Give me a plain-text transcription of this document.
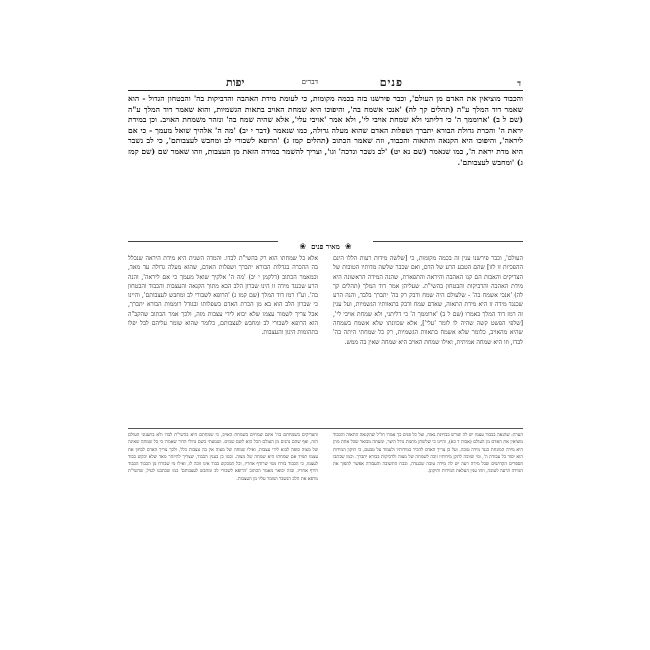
ד
פנים
דברים
יפות
והכבוד מוציאין את האדם מן העולם', וכבר פירשנו בזה בכמה מקומות, כי לעומת מידת האהבה והדביקות בה' והבטחון הגדול - הוא שאמר דוד המלך ע"ה (תהלים קך לה) 'אנכי אשמח בה', והיפוכו היא שמחת האויב בתאות הגשמיות, והוא שאמר דוד המלך ע"ה (שם ל ב) 'ארוממך ה' כי דליתני ולא שמחת אויבי לי', ולא אמר 'אויבי עלי', אלא שהיה שמח בה' ונזהר משמחת האויב. וכן במידת יראת ה' והכרת גדולת הבורא יתברך ושפלות האדם שהוא מעלה גדולה, כמו שנאמר (דבר י יב) 'מה ה' אלהיך שואל מעמך - כי אם ליראה', והיפוכו היא הקנאה והתאוה והכבוד, וזה שאמר הכתוב (תהלים קמז ג) 'הרופא לשבורי לב ומחבש לעצבותם', כי לב נשבר היא מדת יראת ה', כמו שנאמר (שם נא יט) 'לב נשבר ונדכה' וגו', וצריך להשמר במידה הזאת מן העצבות, וזהו שאמר שם (שם קמז ג) 'ומחבש לעצבותם'.
❀ מאיר פנים ❀
העולם', וכבר פירשנו ענין זה בכמה מקומות, כי [שלשה מידות רעות הללו הינם ההפכיות זו לזו] שהם הטבע הרע של הדם, ואם שכבר שלשה מדותיו הטובות של הצדיקים והאבות הם קנו האהבה והיראה והתפארת, שהנה המידה הראשונה היא מידת האהבה והדביקות והבטחון בהשי"ת. שעליהן אמר דוד המלך (תהלים קך לה) 'אנכי אשמח בה' - שלעולם היה שמח ודבק רק בה' יתברך בלבד, והנה הרע שכנגד מידה זו היא מידת התאוה, שאדם שמח ודבק בתאוותיו הגשמיות, ועל ענין זה רמז דוד המלך באמרו (שם ל ב) 'ארוממך ה' כי דליתני, ולא שמחת אויבי לי', [שלפי הפשט קשה שהיה לו לומר 'עלי'], אלא שכוונתו שלא אשמח בשמחה שהיא מהאויב, כלומר שלא אשמח בתאוות הגשמיות, רק כל שמחתי היתה בה' לבדו, וזו היא שמחה אמיתית, ואילו שמחת האויב היא שמחה שאין בה ממש.
אלא כל שמחתו הוא רק בהשי"ת לבדו. והמדה השנית היא מידת היראה שנכלל בה ההכרה בגדלות הבורא יתברך ושפלות האדם, שהוא מעלה גדולה עד מאד, וכמאמר הכתוב (דלקמן י יב) 'מה ה' אלקיך שואל מעמך כי אם ליראה', והנה הרע שכנגד מידה זו הינו שברון הלב הבא מתוך הקנאה והעצבות והכבוד והבטחון בה'. וע"ז רמז דוד המלך (שם קמז ג) 'הרופא לשבורי לב ומחבש לעצבותם', והיינו כי שברון הלב הוא בא מן הכרת האדם בשפלותו ובגודל רוממות הבורא יתברך, אבל צריך לשמור עצמו שלא יבוא לידי עצבות מזה, ולכך אמר הכתוב שהקב"ה הוא הרופא לשבורי לב ומחבש לעצבותם, כלומר שהוא שומר עליהם לבל יפלו בתהומות היגון והעצבות.
הערה: שהנאה בכבוד עצמו יש לה שורש בבחינת גאוה, ועל כל פנים כך אמרו חז"ל שהקנאה התאוה והכבוד מוציאין את האדם מן העולם (אבות ד כא), והיינו כי שלשתן מחמת גודל היצר, ומעתה מבואר שכל אחת מהן היא מידה המונחת כנגד מידה טובה, ועל כן צריך האדם להכיר במידותיו ולעמוד על טבעם, כי תיקון המידות הוא יסוד כל עבודת ה', ומי שזוכה לתקן מידותיו זוכה לשמחה של מצוה ולדביקות בבורא יתברך. וכמו שכתבו הספרים הקדושים שכל מידה רעה יש לה מידה טובה שכנגדה, ובכח התשובה והעבודה אפשר להפוך את המידה הרעה לטובה, וזהו ענין העלאת המידות ותיקונן.
והצדיקים בשמחתם בה' אינם שמחים בשמחת האויב, כי שמחתם היא בהשי"ת לבדו ולא בתענוגי העולם הזה, ואף שהם נהנים מן העולם הכל הוא לשם שמים. ושמעתי בשם גדולי הדור שאמרו כי כל שמחה שאינה של מצוה סופה לבוא לידי עצבות, ואילו שמחה של מצוה אין בה עצבות כלל, ולכך צריך האדם לבחון את עצמו תמיד אם שמחתו היא שמחה של מצוה. וכמו כן בענין הכבוד, שצריך להיזהר מאד שלא יבקש כבוד לעצמו, כי הכבוד בורח ממי שרודף אחריו, וכל המבקש כבוד אינו זוכה לו, ואילו מי שבורח מן הכבוד הכבוד רודף אחריו. ובזה יבואר מאמר הכתוב 'הרופא לשבורי לב ומחבש לעצבותם' כמו שכתבנו לעיל, שהשי"ת מרפא את הלב הנשבר ושומר עליו מן העצבות.
